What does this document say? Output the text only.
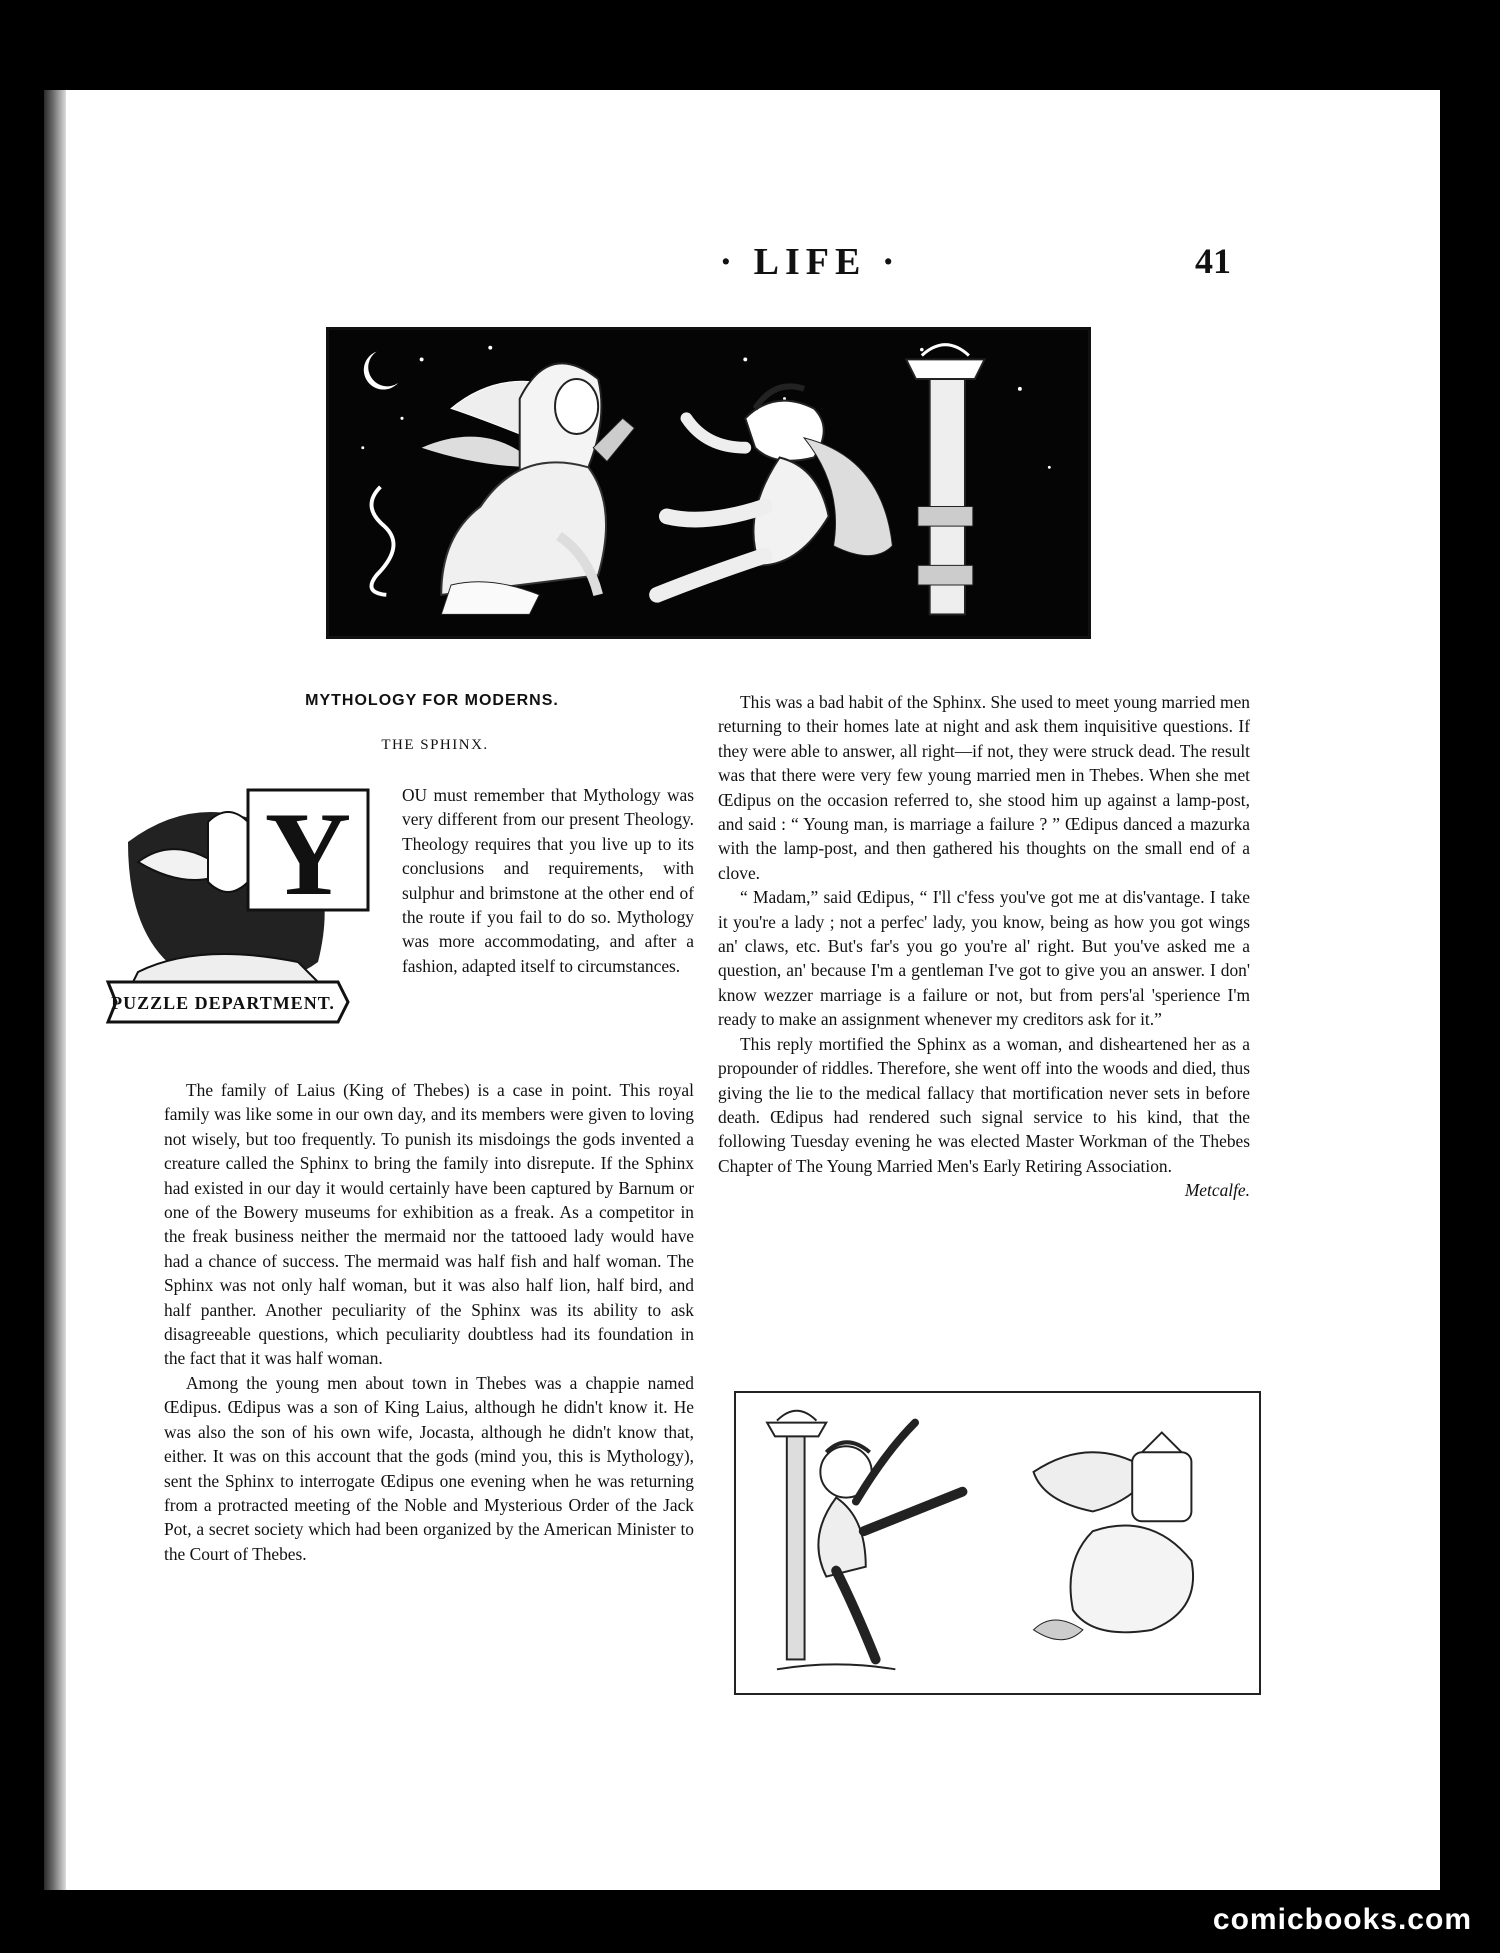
· LIFE ·	41
MYTHOLOGY FOR MODERNS.
THE SPHINX.
Y
PUZZLE DEPARTMENT.
OU must remember that Mythology was very different from our present Theology. Theology requires that you live up to its conclusions and requirements, with sulphur and brimstone at the other end of the route if you fail to do so. Mythology was more accommodating, and after a fashion, adapted itself to circumstances.

The family of Laius (King of Thebes) is a case in point. This royal family was like some in our own day, and its members were given to loving not wisely, but too frequently. To punish its misdoings the gods invented a creature called the Sphinx to bring the family into disrepute. If the Sphinx had existed in our day it would certainly have been captured by Barnum or one of the Bowery museums for exhibition as a freak. As a competitor in the freak business neither the mermaid nor the tattooed lady would have had a chance of success. The mermaid was half fish and half woman. The Sphinx was not only half woman, but it was also half lion, half bird, and half panther. Another peculiarity of the Sphinx was its ability to ask disagreeable questions, which peculiarity doubtless had its foundation in the fact that it was half woman.

Among the young men about town in Thebes was a chappie named Œdipus. Œdipus was a son of King Laius, although he didn't know it. He was also the son of his own wife, Jocasta, although he didn't know that, either. It was on this account that the gods (mind you, this is Mythology), sent the Sphinx to interrogate Œdipus one evening when he was returning from a protracted meeting of the Noble and Mysterious Order of the Jack Pot, a secret society which had been organized by the American Minister to the Court of Thebes.

This was a bad habit of the Sphinx. She used to meet young married men returning to their homes late at night and ask them inquisitive questions. If they were able to answer, all right—if not, they were struck dead. The result was that there were very few young married men in Thebes. When she met Œdipus on the occasion referred to, she stood him up against a lamp-post, and said : “ Young man, is marriage a failure ? ” Œdipus danced a mazurka with the lamp-post, and then gathered his thoughts on the small end of a clove.

“ Madam,” said Œdipus, “ I'll c'fess you've got me at dis'vantage. I take it you're a lady ; not a perfec' lady, you know, being as how you got wings an' claws, etc. But's far's you go you're al' right. But you've asked me a question, an' because I'm a gentleman I've got to give you an answer. I don' know wezzer marriage is a failure or not, but from pers'al 'sperience I'm ready to make an assignment whenever my creditors ask for it.”

This reply mortified the Sphinx as a woman, and disheartened her as a propounder of riddles. Therefore, she went off into the woods and died, thus giving the lie to the medical fallacy that mortification never sets in before death. Œdipus had rendered such signal service to his kind, that the following Tuesday evening he was elected Master Workman of the Thebes Chapter of The Young Married Men's Early Retiring Association.
Metcalfe.

comicbooks.com
